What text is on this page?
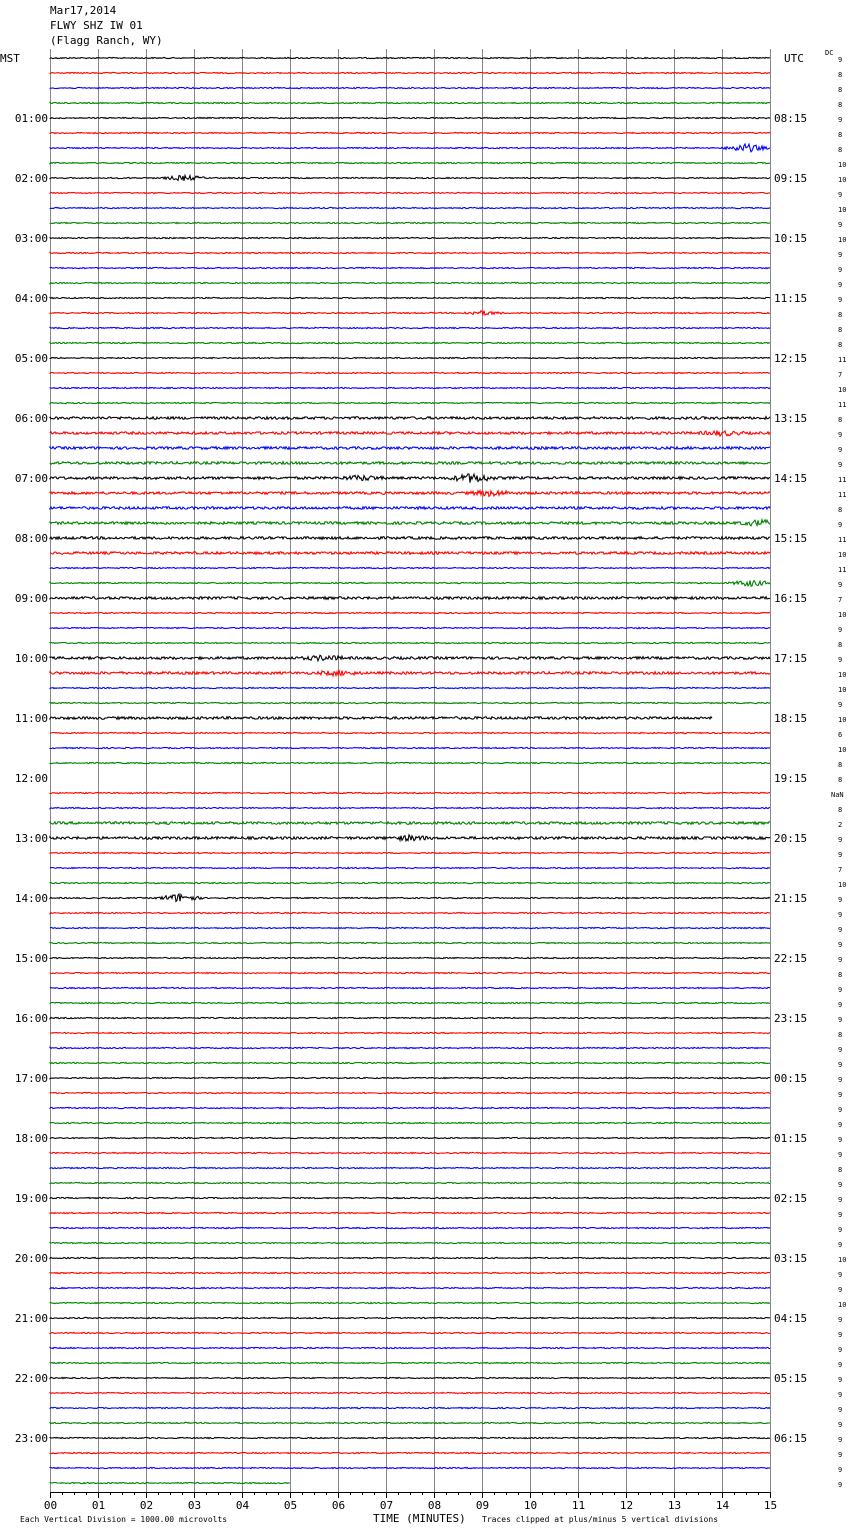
Mar17,2014
FLWY SHZ IW 01
(Flagg Ranch, WY)
01:00
02:00
03:00
04:00
05:00
06:00
07:00
08:00
09:00
10:00
11:00
12:00
13:00
14:00
15:00
16:00
17:00
18:00
19:00
20:00
21:00
22:00
23:00
08:15
09:15
10:15
11:15
12:15
13:15
14:15
15:15
16:15
17:15
18:15
19:15
20:15
21:15
22:15
23:15
00:15
01:15
02:15
03:15
04:15
05:15
06:15
MST	UTC	DC
9
8
8
8
9
8
8
10
10
9
10
9
10
9
9
9
9
8
8
8
11
7
10
11
8
9
9
9
11
11
8
9
11
10
11
9
7
10
9
8
9
10
10
9
10
6
10
8
8
NaN
8
2
9
9
7
10
9
9
9
9
9
8
9
9
9
8
9
9
9
9
9
9
9
9
8
9
9
9
9
9
10
9
9
10
9
9
9
9
9
9
9
9
9
9
9
9
00	01	02	03	04	05	06	07	08	09	10	11	12	13	14	15
Each Vertical Division = 1000.00 microvolts	TIME (MINUTES) Traces clipped at plus/minus 5 vertical divisions
